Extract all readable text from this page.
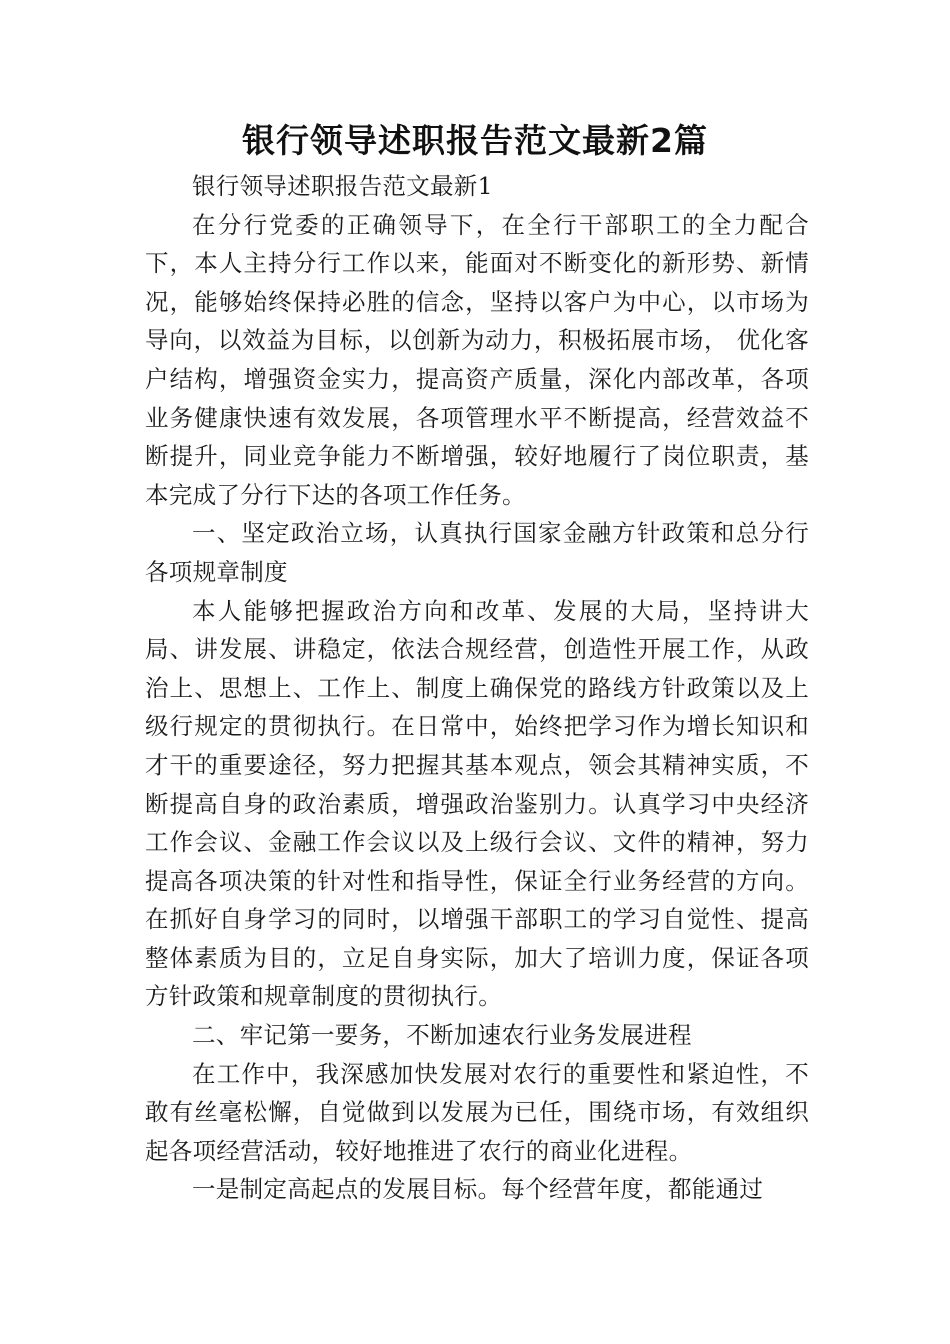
银行领导述职报告范文最新2篇

银行领导述职报告范文最新1

在分行党委的正确领导下，在全行干部职工的全力配合下，本人主持分行工作以来，能面对不断变化的新形势、新情况，能够始终保持必胜的信念，坚持以客户为中心，以市场为导向，以效益为目标，以创新为动力，积极拓展市场， 优化客户结构，增强资金实力，提高资产质量，深化内部改革，各项业务健康快速有效发展，各项管理水平不断提高，经营效益不断提升，同业竞争能力不断增强，较好地履行了岗位职责，基本完成了分行下达的各项工作任务。

一、坚定政治立场，认真执行国家金融方针政策和总分行各项规章制度

本人能够把握政治方向和改革、发展的大局，坚持讲大局、讲发展、讲稳定，依法合规经营，创造性开展工作，从政治上、思想上、工作上、制度上确保党的路线方针政策以及上级行规定的贯彻执行。在日常中，始终把学习作为增长知识和才干的重要途径，努力把握其基本观点，领会其精神实质，不断提高自身的政治素质，增强政治鉴别力。认真学习中央经济工作会议、金融工作会议以及上级行会议、文件的精神，努力提高各项决策的针对性和指导性，保证全行业务经营的方向。在抓好自身学习的同时，以增强干部职工的学习自觉性、提高整体素质为目的，立足自身实际，加大了培训力度，保证各项方针政策和规章制度的贯彻执行。

二、牢记第一要务，不断加速农行业务发展进程

在工作中，我深感加快发展对农行的重要性和紧迫性，不敢有丝毫松懈，自觉做到以发展为已任，围绕市场，有效组织起各项经营活动，较好地推进了农行的商业化进程。

一是制定高起点的发展目标。每个经营年度，都能通过
